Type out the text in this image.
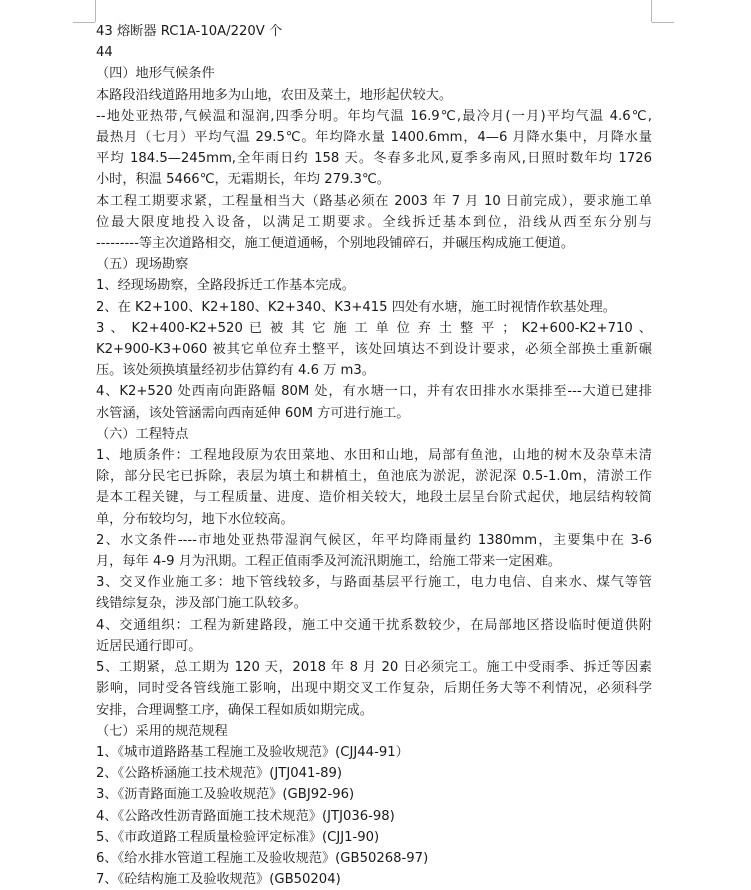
43 熔断器 RC1A-10A/220V 个
44
（四）地形气候条件
本路段沿线道路用地多为山地，农田及菜土，地形起伏较大。
--地处亚热带,气候温和湿润,四季分明。年均气温 16.9℃,最冷月(一月)平均气温 4.6℃,
最热月（七月）平均气温 29.5℃。年均降水量 1400.6mm，4—6 月降水集中，月降水量
平均 184.5—245mm,全年雨日约 158 天。冬春多北风,夏季多南风,日照时数年均 1726
小时，积温 5466℃，无霜期长，年均 279.3℃。
本工程工期要求紧，工程量相当大（路基必须在 2003 年 7 月 10 日前完成），要求施工单
位最大限度地投入设备，以满足工期要求。全线拆迁基本到位，沿线从西至东分别与
---------等主次道路相交，施工便道通畅，个别地段铺碎石，并碾压构成施工便道。
（五）现场勘察
1、经现场勘察，全路段拆迁工作基本完成。
2、在 K2+100、K2+180、K2+340、K3+415 四处有水塘，施工时视情作软基处理。
3 、 K2+400-K2+520 已 被 其 它 施 工 单 位 弃 土 整 平 ； K2+600-K2+710 、
K2+900-K3+060 被其它单位弃土整平，该处回填达不到设计要求，必须全部换土重新碾
压。该处须换填量经初步估算约有 4.6 万 m3。
4、K2+520 处西南向距路幅 80M 处，有水塘一口，并有农田排水水渠排至---大道已建排
水管涵，该处管涵需向西南延伸 60M 方可进行施工。
（六）工程特点
1、地质条件：工程地段原为农田菜地、水田和山地，局部有鱼池，山地的树木及杂草未清
除，部分民宅已拆除，表层为填土和耕植土，鱼池底为淤泥，淤泥深 0.5-1.0m，清淤工作
是本工程关键，与工程质量、进度、造价相关较大，地段土层呈台阶式起伏，地层结构较简
单，分布较均匀，地下水位较高。
2、水文条件----市地处亚热带湿润气候区，年平均降雨量约 1380mm，主要集中在 3-6
月，每年 4-9 月为汛期。工程正值雨季及河流汛期施工，给施工带来一定困难。
3、交叉作业施工多：地下管线较多，与路面基层平行施工，电力电信、自来水、煤气等管
线错综复杂，涉及部门施工队较多。
4、交通组织：工程为新建路段，施工中交通干扰系数较少，在局部地区搭设临时便道供附
近居民通行即可。
5、工期紧，总工期为 120 天，2018 年 8 月 20 日必须完工。施工中受雨季、拆迁等因素
影响，同时受各管线施工影响，出现中期交叉工作复杂，后期任务大等不利情况，必须科学
安排，合理调整工序，确保工程如质如期完成。
（七）采用的规范规程
1、《城市道路路基工程施工及验收规范》(CJJ44-91）
2、《公路桥涵施工技术规范》(JTJ041-89)
3、《沥青路面施工及验收规范》(GBJ92-96)
4、《公路改性沥青路面施工技术规范》(JTJ036-98)
5、《市政道路工程质量检验评定标准》(CJJ1-90)
6、《给水排水管道工程施工及验收规范》(GB50268-97)
7、《砼结构施工及验收规范》(GB50204)
